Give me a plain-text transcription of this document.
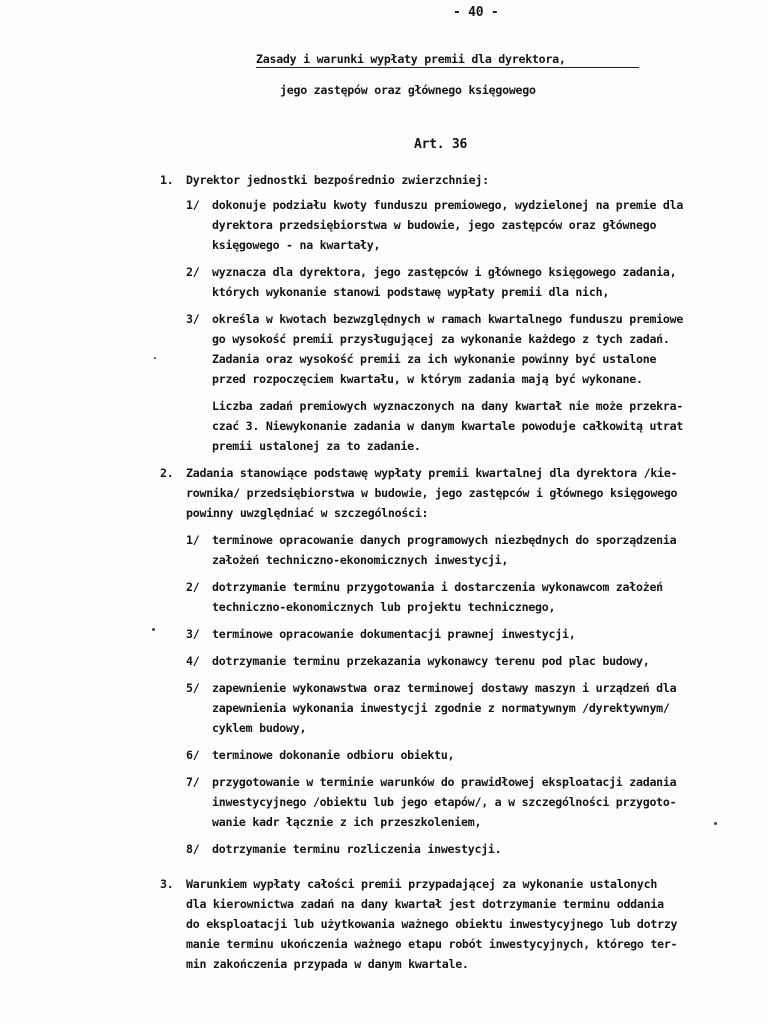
- 40 -
Zasady i warunki wypłaty premii dla dyrektora,
jego zastępów oraz głównego księgowego
Art. 36
1. Dyrektor jednostki bezpośrednio zwierzchniej:
1/ dokonuje podziału kwoty funduszu premiowego, wydzielonej na premie dla
dyrektora przedsiębiorstwa w budowie, jego zastępców oraz głównego
księgowego - na kwartały,
2/ wyznacza dla dyrektora, jego zastępców i głównego księgowego zadania,
których wykonanie stanowi podstawę wypłaty premii dla nich,
3/ określa w kwotach bezwzględnych w ramach kwartalnego funduszu premiowe
go wysokość premii przysługującej za wykonanie każdego z tych zadań.
Zadania oraz wysokość premii za ich wykonanie powinny być ustalone
przed rozpoczęciem kwartału, w którym zadania mają być wykonane.
Liczba zadań premiowych wyznaczonych na dany kwartał nie może przekra-
czać 3. Niewykonanie zadania w danym kwartale powoduje całkowitą utrat
premii ustalonej za to zadanie.
2. Zadania stanowiące podstawę wypłaty premii kwartalnej dla dyrektora /kie-
rownika/ przedsiębiorstwa w budowie, jego zastępców i głównego księgowego
powinny uwzględniać w szczególności:
1/ terminowe opracowanie danych programowych niezbędnych do sporządzenia
założeń techniczno-ekonomicznych inwestycji,
2/ dotrzymanie terminu przygotowania i dostarczenia wykonawcom założeń
techniczno-ekonomicznych lub projektu technicznego,
3/ terminowe opracowanie dokumentacji prawnej inwestycji,
4/ dotrzymanie terminu przekazania wykonawcy terenu pod plac budowy,
5/ zapewnienie wykonawstwa oraz terminowej dostawy maszyn i urządzeń dla
zapewnienia wykonania inwestycji zgodnie z normatywnym /dyrektywnym/
cyklem budowy,
6/ terminowe dokonanie odbioru obiektu,
7/ przygotowanie w terminie warunków do prawidłowej eksploatacji zadania
inwestycyjnego /obiektu lub jego etapów/, a w szczególności przygoto-
wanie kadr łącznie z ich przeszkoleniem,
8/ dotrzymanie terminu rozliczenia inwestycji.
3. Warunkiem wypłaty całości premii przypadającej za wykonanie ustalonych
dla kierownictwa zadań na dany kwartał jest dotrzymanie terminu oddania
do eksploatacji lub użytkowania ważnego obiektu inwestycyjnego lub dotrzy
manie terminu ukończenia ważnego etapu robót inwestycyjnych, którego ter-
min zakończenia przypada w danym kwartale.
